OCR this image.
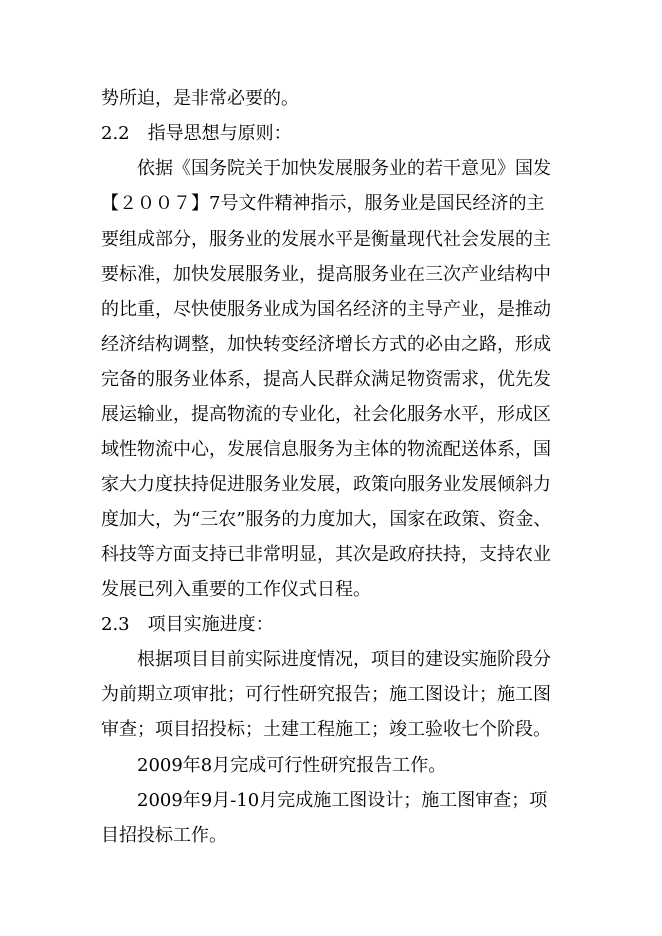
势所迫，是非常必要的。
2.2　指导思想与原则：
依据《国务院关于加快发展服务业的若干意见》国发
【２００７】7号文件精神指示，服务业是国民经济的主
要组成部分，服务业的发展水平是衡量现代社会发展的主
要标准，加快发展服务业，提高服务业在三次产业结构中
的比重，尽快使服务业成为国名经济的主导产业，是推动
经济结构调整，加快转变经济增长方式的必由之路，形成
完备的服务业体系，提高人民群众满足物资需求，优先发
展运输业，提高物流的专业化，社会化服务水平，形成区
域性物流中心，发展信息服务为主体的物流配送体系，国
家大力度扶持促进服务业发展，政策向服务业发展倾斜力
度加大，为“三农”服务的力度加大，国家在政策、资金、
科技等方面支持已非常明显，其次是政府扶持，支持农业
发展已列入重要的工作仪式日程。
2.3　项目实施进度：
根据项目目前实际进度情况，项目的建设实施阶段分
为前期立项审批；可行性研究报告；施工图设计；施工图
审查；项目招投标；土建工程施工；竣工验收七个阶段。
2009年8月完成可行性研究报告工作。
2009年9月-10月完成施工图设计；施工图审查；项
目招投标工作。
